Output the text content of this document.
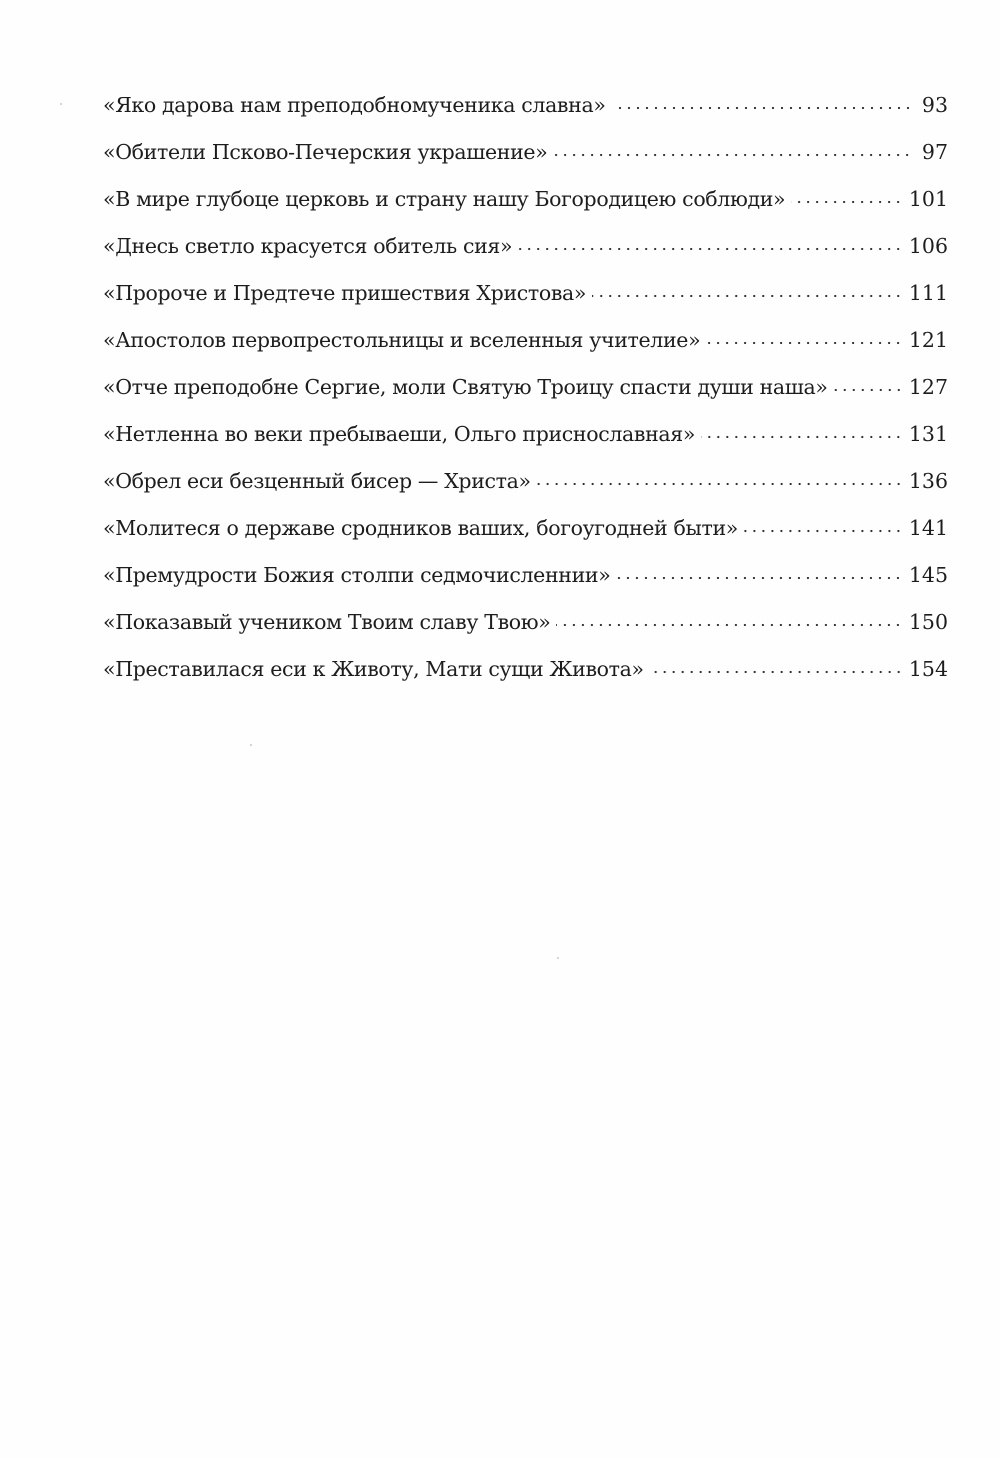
«Яко дарова нам преподобномученика славна»	93
«Обители Псково-Печерския украшение»	97
«В мире глубоце церковь и страну нашу Богородицею соблюди»	101
«Днесь светло красуется обитель сия»	106
«Пророче и Предтече пришествия Христова»	111
«Апостолов первопрестольницы и вселенныя учителие»	121
«Отче преподобне Сергие, моли Святую Троицу спасти души наша»	127
«Нетленна во веки пребываеши, Ольго приснославная»	131
«Обрел еси безценный бисер — Христа»	136
«Молитеся о державе сродников ваших, богоугодней быти»	141
«Премудрости Божия столпи седмочисленнии»	145
«Показавый учеником Твоим славу Твою»	150
«Преставилася еси к Животу, Мати сущи Живота»	154
